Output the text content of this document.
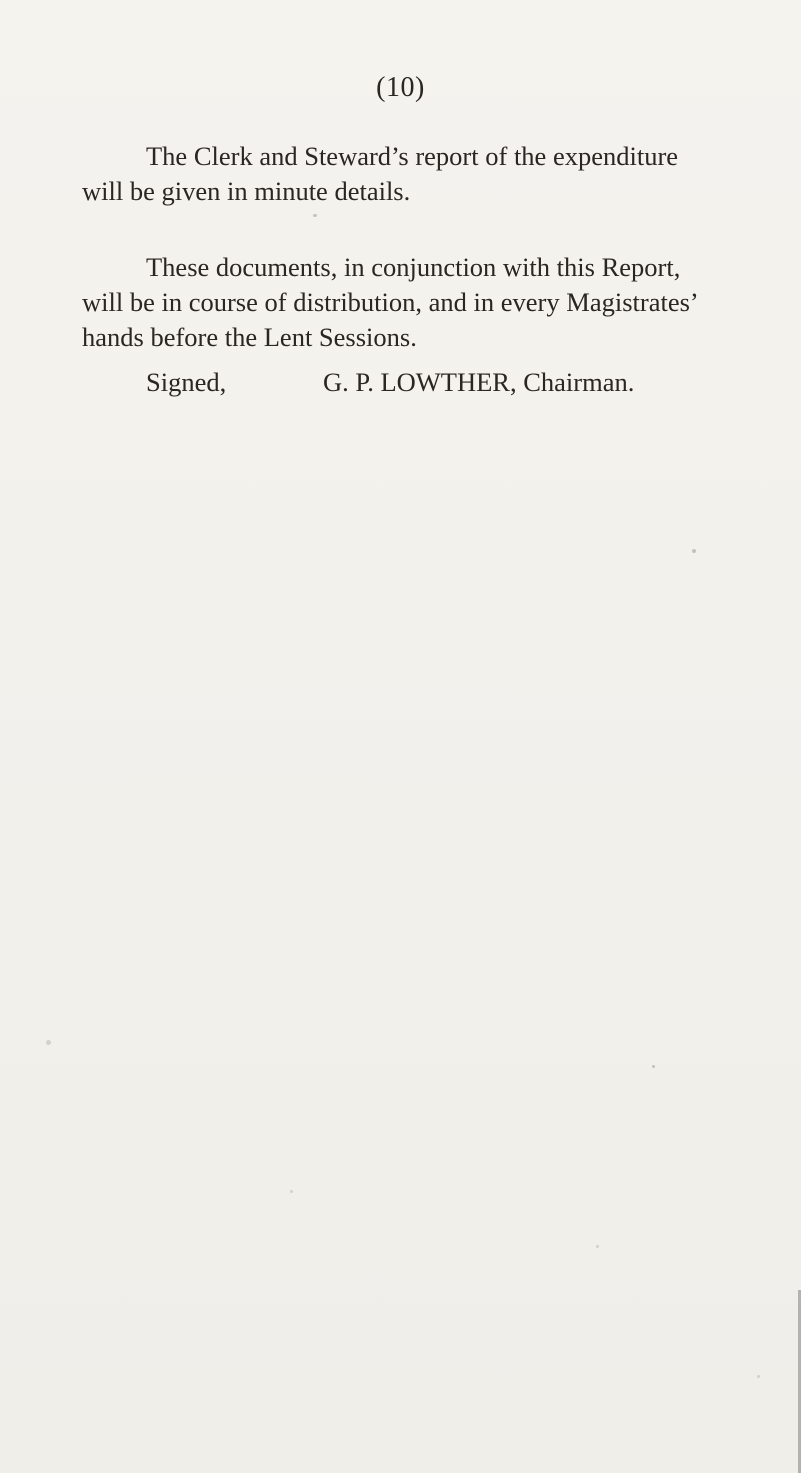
(10)

The Clerk and Steward’s report of the expenditure
will be given in minute details.

These documents, in conjunction with this Report,
will be in course of distribution, and in every Magistrates’
hands before the Lent Sessions.

Signed,	G. P. LOWTHER, Chairman.
